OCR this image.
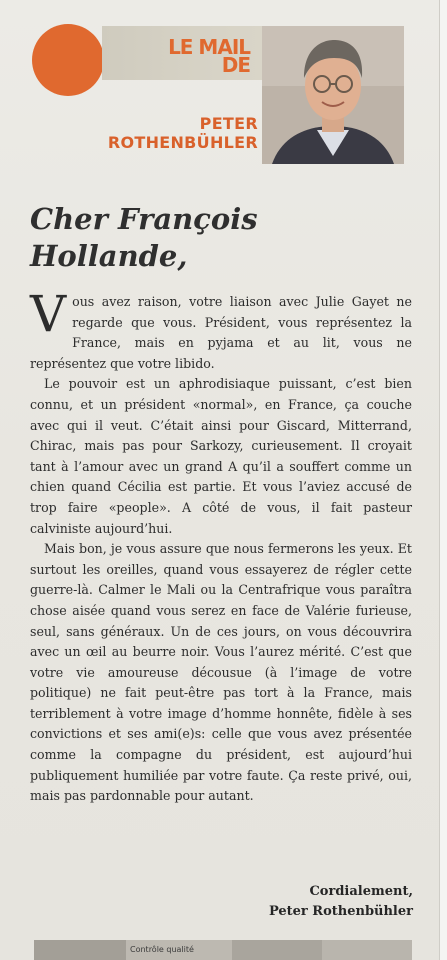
LE MAIL
DE
PETER
ROTHENBÜHLER
Cher François
Hollande,

Vous avez raison, votre liaison avec Julie Gayet ne regarde que vous. Président, vous représentez la France, mais en pyjama et au lit, vous ne représentez que votre libido.

Le pouvoir est un aphrodisiaque puissant, c’est bien connu, et un président «normal», en France, ça couche avec qui il veut. C’était ainsi pour Giscard, Mitterrand, Chirac, mais pas pour Sarkozy, curieusement. Il croyait tant à l’amour avec un grand A qu’il a souffert comme un chien quand Cécilia est partie. Et vous l’aviez accusé de trop faire «people». A côté de vous, il fait pasteur calviniste aujourd’hui.

Mais bon, je vous assure que nous fermerons les yeux. Et surtout les oreilles, quand vous essayerez de régler cette guerre-là. Calmer le Mali ou la Centrafrique vous paraîtra chose aisée quand vous serez en face de Valérie furieuse, seul, sans généraux. Un de ces jours, on vous découvrira avec un œil au beurre noir. Vous l’aurez mérité. C’est que votre vie amoureuse décousue (à l’image de votre politique) ne fait peut-être pas tort à la France, mais terriblement à votre image d’homme honnête, fidèle à ses convictions et ses ami(e)s: celle que vous avez présentée comme la compagne du président, est aujourd’hui publiquement humiliée par votre faute. Ça reste privé, oui, mais pas pardonnable pour autant.

Cordialement,
Peter Rothenbühler
Contrôle qualité
